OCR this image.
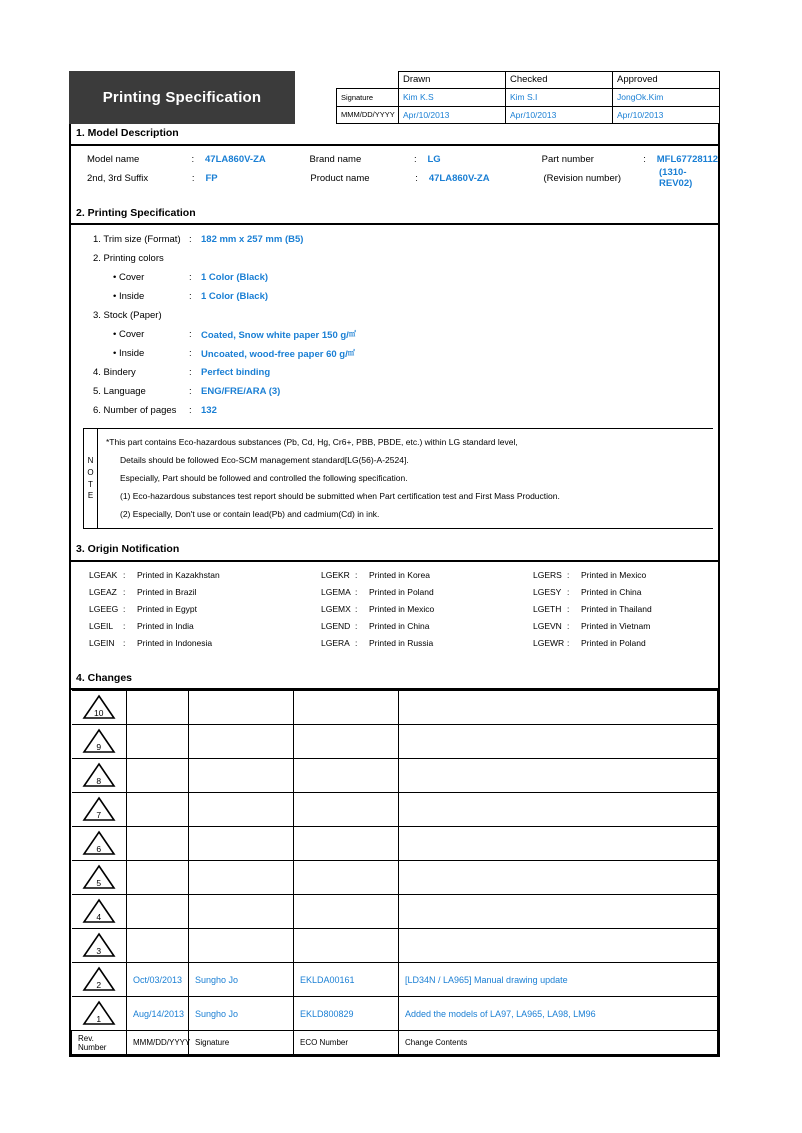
Printing Specification
	Drawn	Checked	Approved
Signature	Kim K.S	Kim S.I	JongOk.Kim
MMM/DD/YYYY	Apr/10/2013	Apr/10/2013	Apr/10/2013
1. Model Description
Model name	:	47LA860V-ZA	Brand name	:	LG	Part number	:	MFL67728112
2nd, 3rd Suffix	:	FP	Product name	:	47LA860V-ZA	(Revision number)	(1310-REV02)
2. Printing Specification
1. Trim size (Format) : 182 mm x 257 mm (B5)
2. Printing colors
• Cover	: 1 Color (Black)
• Inside	: 1 Color (Black)
3. Stock (Paper)
• Cover	: Coated, Snow white paper 150 g/㎡
• Inside	: Uncoated, wood-free paper 60 g/㎡
4. Bindery	: Perfect binding
5. Language	: ENG/FRE/ARA (3)
6. Number of pages	: 132
N
O
T
E
*This part contains Eco-hazardous substances (Pb, Cd, Hg, Cr6+, PBB, PBDE, etc.) within LG standard level,
Details should be followed Eco-SCM management standard[LG(56)-A-2524].
Especially, Part should be followed and controlled the following specification.
(1) Eco-hazardous substances test report should be submitted when Part certification test and First Mass Production.
(2) Especially, Don't use or contain lead(Pb) and cadmium(Cd) in ink.
3. Origin Notification
LGEAK :	Printed in Kazakhstan	LGEKR :	Printed in Korea	LGERS :	Printed in Mexico
LGEAZ :	Printed in Brazil	LGEMA :	Printed in Poland	LGESY :	Printed in China
LGEEG :	Printed in Egypt	LGEMX :	Printed in Mexico	LGETH :	Printed in Thailand
LGEIL	:	Printed in India	LGEND :	Printed in China	LGEVN :	Printed in Vietnam
LGEIN :	Printed in Indonesia	LGERA :	Printed in Russia	LGEWR :	Printed in Poland
4. Changes
10				

9				

8				

7				

6				

5				

4				

3				

2	Oct/03/2013	Sungho Jo	EKLDA00161	[LD34N / LA965] Manual drawing update

1	Aug/14/2013	Sungho Jo	EKLD800829	Added the models of LA97, LA965, LA98, LM96
Rev. Number	MMM/DD/YYYY	Signature	ECO Number	Change Contents
